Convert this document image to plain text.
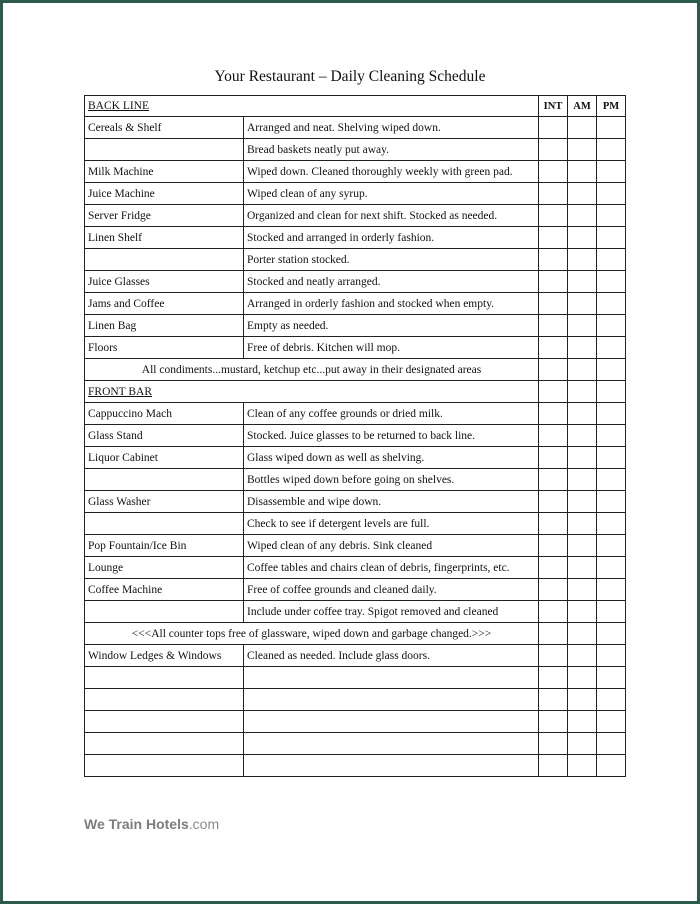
Your Restaurant – Daily Cleaning Schedule
BACK LINE		INT	AM	PM
Cereals & Shelf	Arranged and neat. Shelving wiped down.			
	Bread baskets neatly put away.			
Milk Machine	Wiped down. Cleaned thoroughly weekly with green pad.			
Juice Machine	Wiped clean of any syrup.			
Server Fridge	Organized and clean for next shift. Stocked as needed.			
Linen Shelf	Stocked and arranged in orderly fashion.			
	Porter station stocked.			
Juice Glasses	Stocked and neatly arranged.			
Jams and Coffee	Arranged in orderly fashion and stocked when empty.			
Linen Bag	Empty as needed.			
Floors	Free of debris. Kitchen will mop.			
All condiments...mustard, ketchup etc...put away in their designated areas				
FRONT BAR				
Cappuccino Mach	Clean of any coffee grounds or dried milk.			
Glass Stand	Stocked. Juice glasses to be returned to back line.			
Liquor Cabinet	Glass wiped down as well as shelving.			
	Bottles wiped down before going on shelves.			
Glass Washer	Disassemble and wipe down.			
	Check to see if detergent levels are full.			
Pop Fountain/Ice Bin	Wiped clean of any debris. Sink cleaned			
Lounge	Coffee tables and chairs clean of debris, fingerprints, etc.			
Coffee Machine	Free of coffee grounds and cleaned daily.			
	Include under coffee tray. Spigot removed and cleaned			
<<<All counter tops free of glassware, wiped down and garbage changed.>>>				
Window Ledges & Windows	Cleaned as needed. Include glass doors.			

We Train Hotels.com
